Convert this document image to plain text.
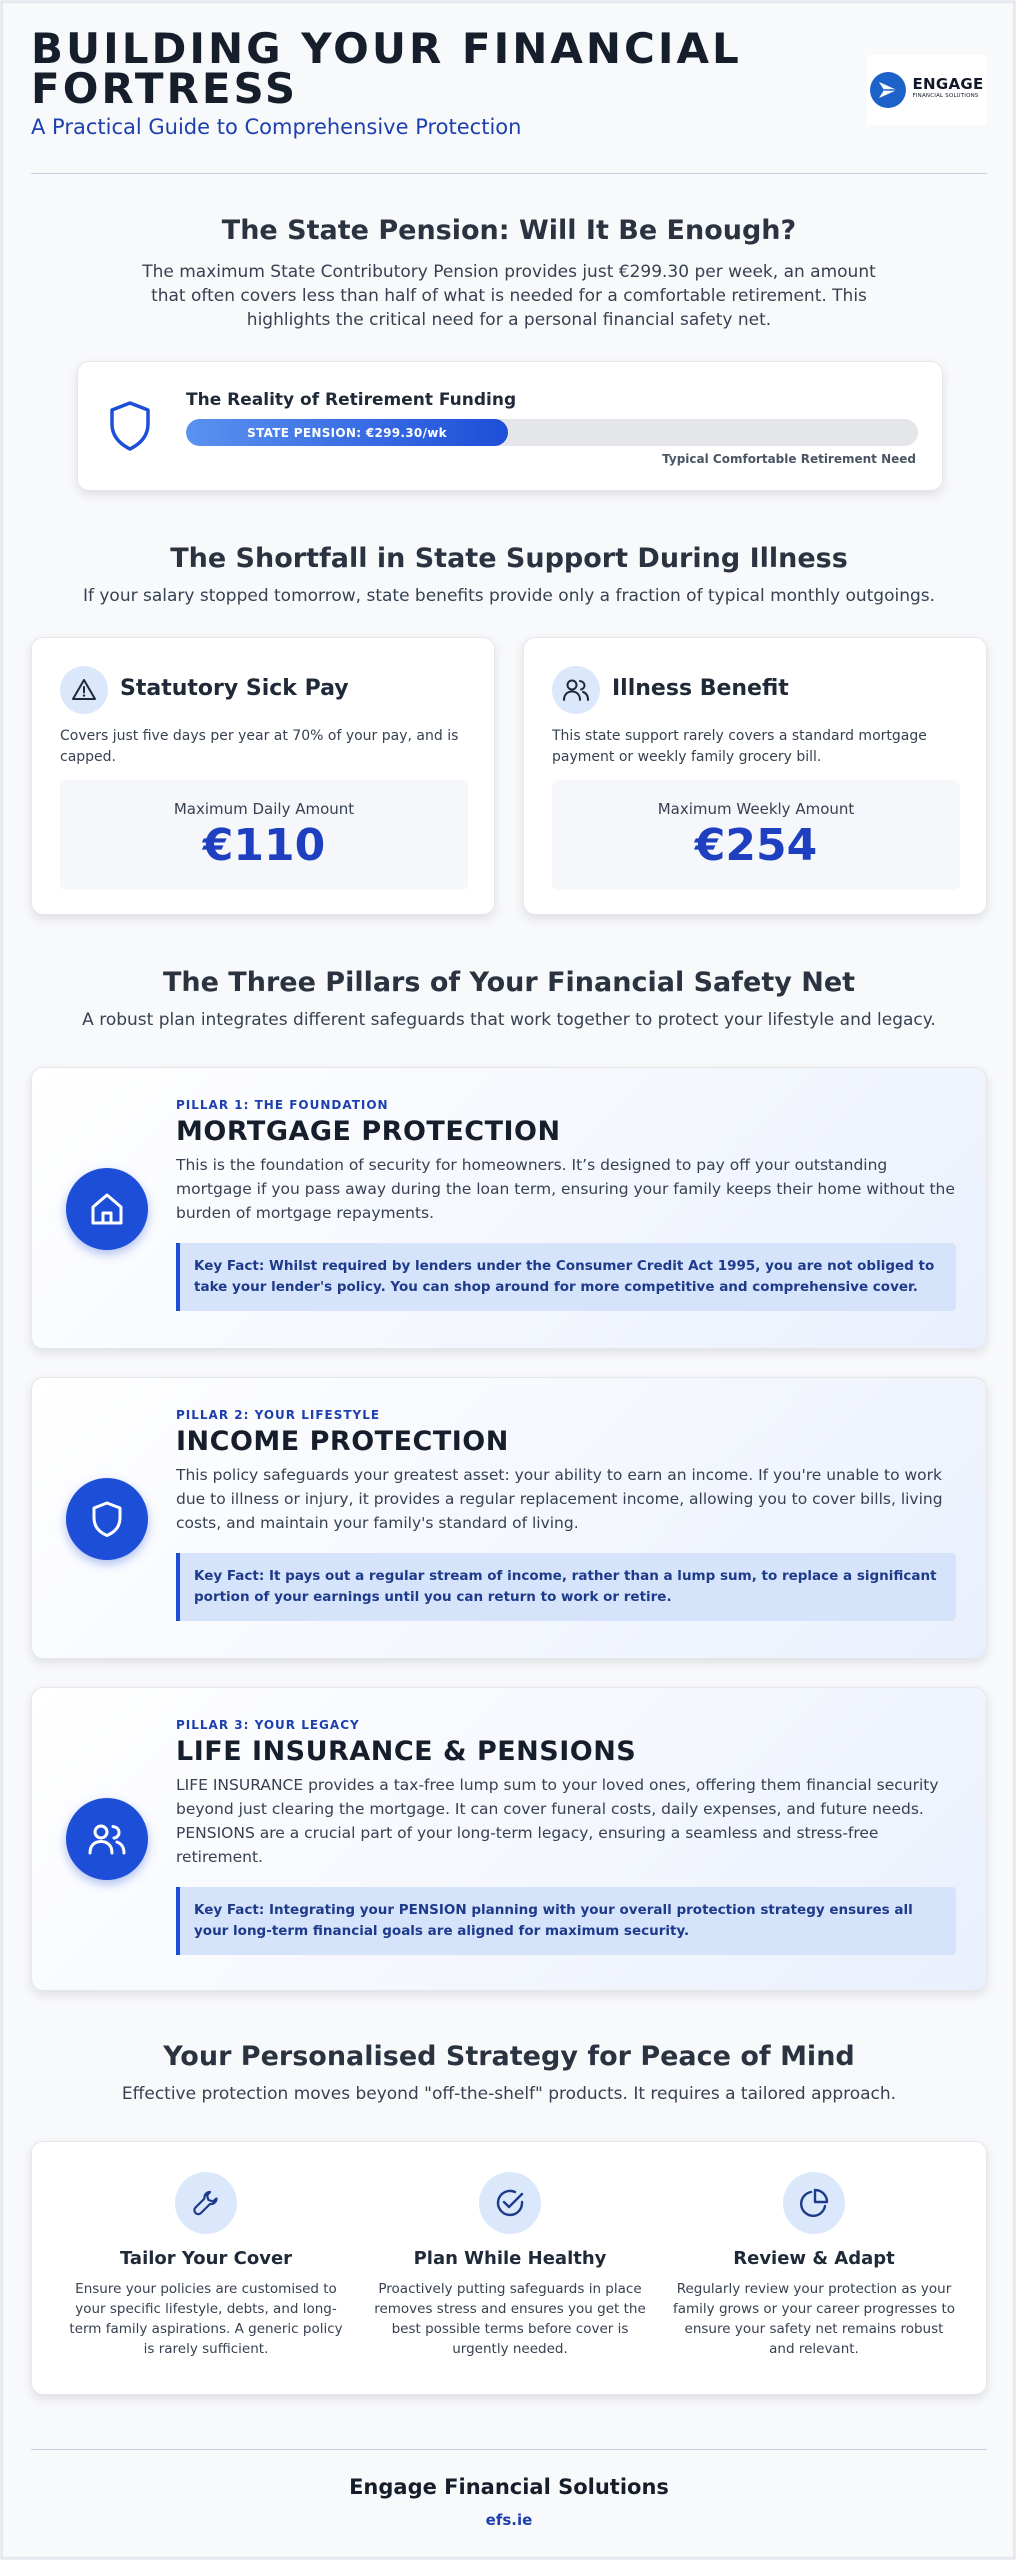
BUILDING YOUR FINANCIAL FORTRESS
A Practical Guide to Comprehensive Protection
ENGAGE
FINANCIAL SOLUTIONS
The State Pension: Will It Be Enough?

The maximum State Contributory Pension provides just €299.30 per week, an amount that often covers less than half of what is needed for a comfortable retirement. This highlights the critical need for a personal financial safety net.

The Reality of Retirement Funding
STATE PENSION: €299.30/wk
Typical Comfortable Retirement Need
The Shortfall in State Support During Illness

If your salary stopped tomorrow, state benefits provide only a fraction of typical monthly outgoings.

Statutory Sick Pay
Covers just five days per year at 70% of your pay, and is capped.
Maximum Daily Amount
€110
Illness Benefit
This state support rarely covers a standard mortgage payment or weekly family grocery bill.
Maximum Weekly Amount
€254
The Three Pillars of Your Financial Safety Net

A robust plan integrates different safeguards that work together to protect your lifestyle and legacy.

PILLAR 1: THE FOUNDATION
MORTGAGE PROTECTION

This is the foundation of security for homeowners. It’s designed to pay off your outstanding mortgage if you pass away during the loan term, ensuring your family keeps their home without the burden of mortgage repayments.

Key Fact: Whilst required by lenders under the Consumer Credit Act 1995, you are not obliged to take your lender's policy. You can shop around for more competitive and comprehensive cover.
PILLAR 2: YOUR LIFESTYLE
INCOME PROTECTION

This policy safeguards your greatest asset: your ability to earn an income. If you're unable to work due to illness or injury, it provides a regular replacement income, allowing you to cover bills, living costs, and maintain your family's standard of living.

Key Fact: It pays out a regular stream of income, rather than a lump sum, to replace a significant portion of your earnings until you can return to work or retire.
PILLAR 3: YOUR LEGACY
LIFE INSURANCE & PENSIONS

LIFE INSURANCE provides a tax-free lump sum to your loved ones, offering them financial security beyond just clearing the mortgage. It can cover funeral costs, daily expenses, and future needs. PENSIONS are a crucial part of your long-term legacy, ensuring a seamless and stress-free retirement.

Key Fact: Integrating your PENSION planning with your overall protection strategy ensures all your long-term financial goals are aligned for maximum security.
Your Personalised Strategy for Peace of Mind

Effective protection moves beyond "off-the-shelf" products. It requires a tailored approach.

Tailor Your Cover
Ensure your policies are customised to your specific lifestyle, debts, and long-term family aspirations. A generic policy is rarely sufficient.
Plan While Healthy
Proactively putting safeguards in place removes stress and ensures you get the best possible terms before cover is urgently needed.
Review & Adapt
Regularly review your protection as your family grows or your career progresses to ensure your safety net remains robust and relevant.
Engage Financial Solutions
efs.ie
